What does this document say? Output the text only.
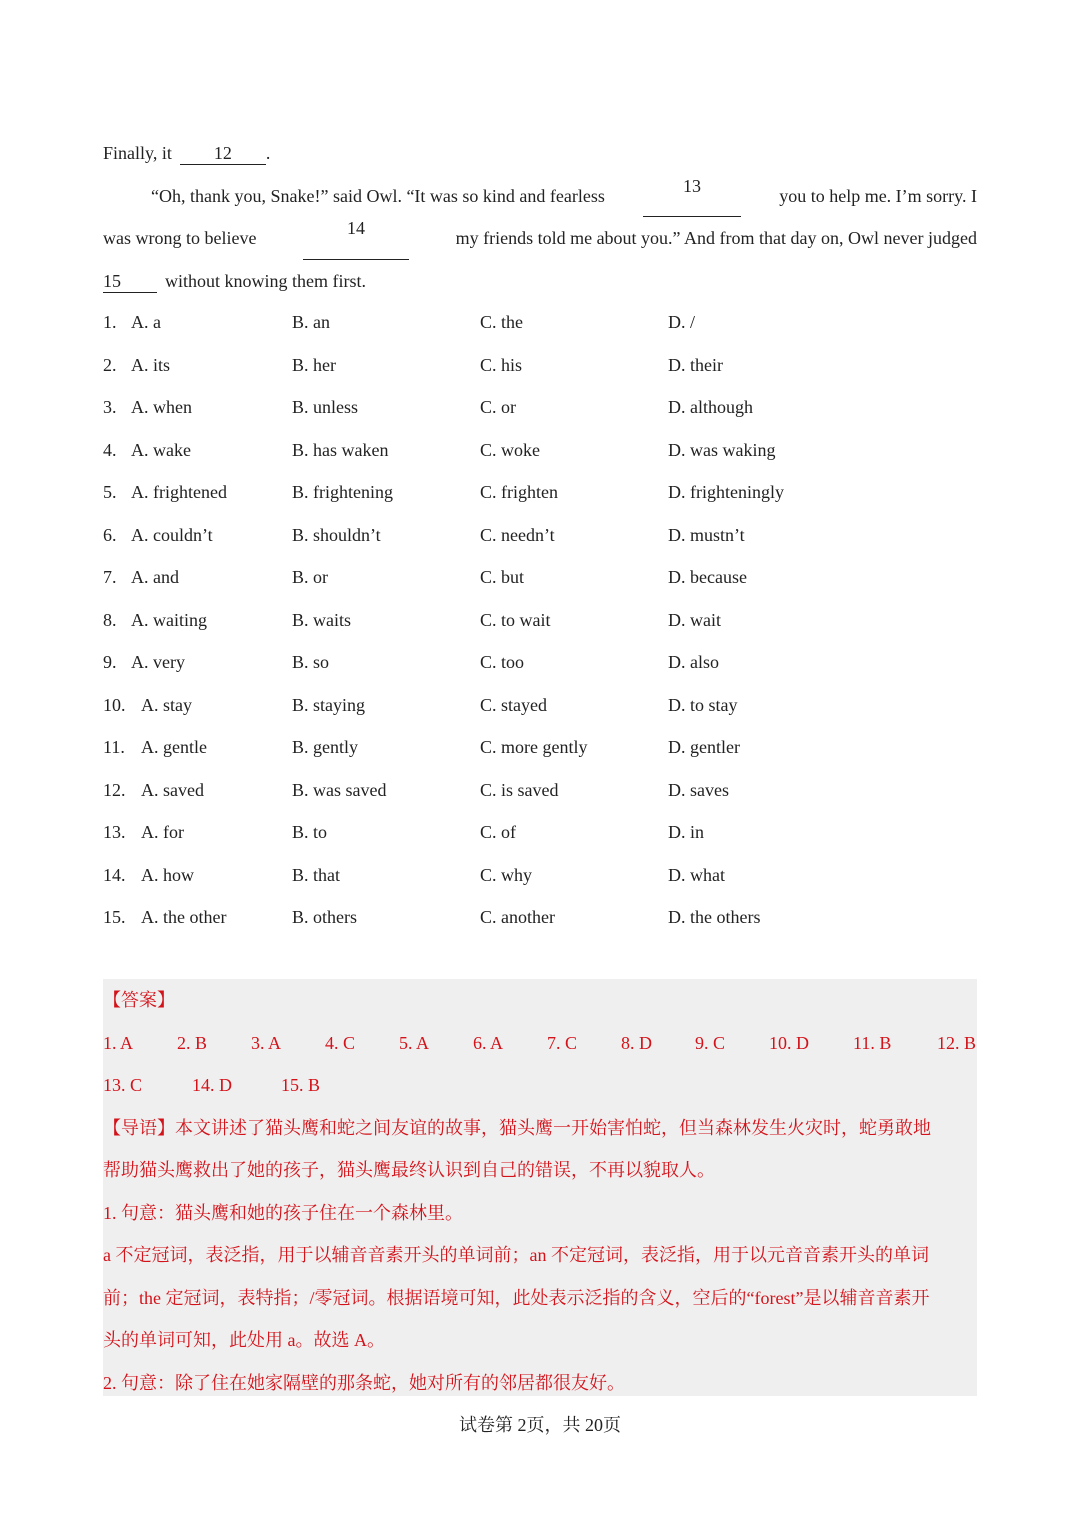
Finally, it 12 .
“Oh, thank you, Snake!” said Owl. “It was so kind and fearless	13	you to help me. I’m sorry. I
was wrong to believe	14	my friends told me about you.” And from that day on, Owl never judged
15 without knowing them first.
1. A. a	B. an	C. the	D. /
2. A. its	B. her	C. his	D. their
3. A. when	B. unless	C. or	D. although
4. A. wake	B. has waken	C. woke	D. was waking
5. A. frightened	B. frightening	C. frighten	D. frighteningly
6. A. couldn’t	B. shouldn’t	C. needn’t	D. mustn’t
7. A. and	B. or	C. but	D. because
8. A. waiting	B. waits	C. to wait	D. wait
9. A. very	B. so	C. too	D. also
10. A. stay	B. staying	C. stayed	D. to stay
11. A. gentle	B. gently	C. more gently	D. gentler
12. A. saved	B. was saved	C. is saved	D. saves
13. A. for	B. to	C. of	D. in
14. A. how	B. that	C. why	D. what
15. A. the other	B. others	C. another	D. the others
【答案】
1. A 2. B 3. A 4. C 5. A 6. A 7. C 8. D 9. C 10. D 11. B	12. B
13. C	14. D	15. B
【导语】本文讲述了猫头鹰和蛇之间友谊的故事，猫头鹰一开始害怕蛇，但当森林发生火灾时，蛇勇敢地
帮助猫头鹰救出了她的孩子，猫头鹰最终认识到自己的错误，不再以貌取人。
1. 句意：猫头鹰和她的孩子住在一个森林里。
a 不定冠词，表泛指，用于以辅音音素开头的单词前；an 不定冠词，表泛指，用于以元音音素开头的单词
前；the 定冠词，表特指；/零冠词。根据语境可知，此处表示泛指的含义，空后的“forest”是以辅音音素开
头的单词可知，此处用 a。故选 A。
2. 句意：除了住在她家隔壁的那条蛇，她对所有的邻居都很友好。
试卷第 2页，共 20页
